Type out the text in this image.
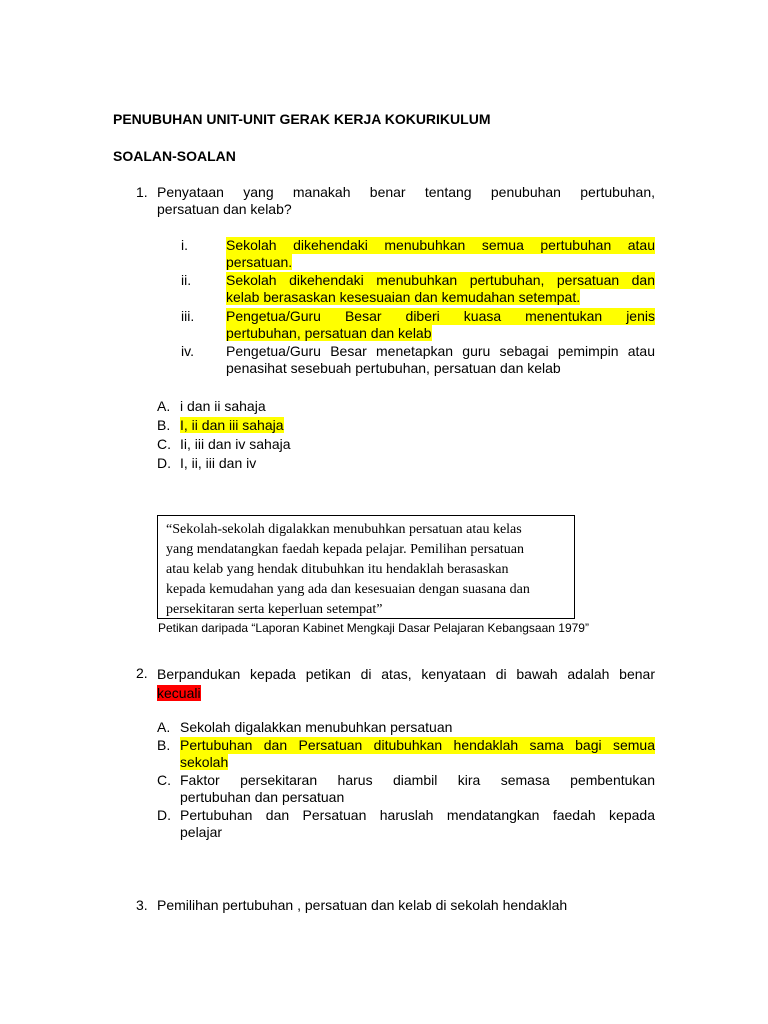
PENUBUHAN UNIT-UNIT GERAK KERJA KOKURIKULUM
SOALAN-SOALAN
1. Penyataan yang manakah benar tentang penubuhan pertubuhan,
persatuan dan kelab?
i.	Sekolah dikehendaki menubuhkan semua pertubuhan atau
persatuan.
ii. Sekolah dikehendaki menubuhkan pertubuhan, persatuan dan
kelab berasaskan kesesuaian dan kemudahan setempat.
iii. Pengetua/Guru Besar diberi kuasa menentukan jenis
pertubuhan, persatuan dan kelab
iv. Pengetua/Guru Besar menetapkan guru sebagai pemimpin atau
penasihat sesebuah pertubuhan, persatuan dan kelab
A. i dan ii sahaja
B. I, ii dan iii sahaja
C. Ii, iii dan iv sahaja
D. I, ii, iii dan iv
“Sekolah-sekolah digalakkan menubuhkan persatuan atau kelas
yang mendatangkan faedah kepada pelajar. Pemilihan persatuan
atau kelab yang hendak ditubuhkan itu hendaklah berasaskan
kepada kemudahan yang ada dan kesesuaian dengan suasana dan
persekitaran serta keperluan setempat”
Petikan daripada “Laporan Kabinet Mengkaji Dasar Pelajaran Kebangsaan 1979”
2. Berpandukan kepada petikan di atas, kenyataan di bawah adalah benar
kecuali
A. Sekolah digalakkan menubuhkan persatuan
B. Pertubuhan dan Persatuan ditubuhkan hendaklah sama bagi semua
sekolah
C. Faktor persekitaran harus diambil kira semasa pembentukan
pertubuhan dan persatuan
D. Pertubuhan dan Persatuan haruslah mendatangkan faedah kepada
pelajar
3. Pemilihan pertubuhan , persatuan dan kelab di sekolah hendaklah
